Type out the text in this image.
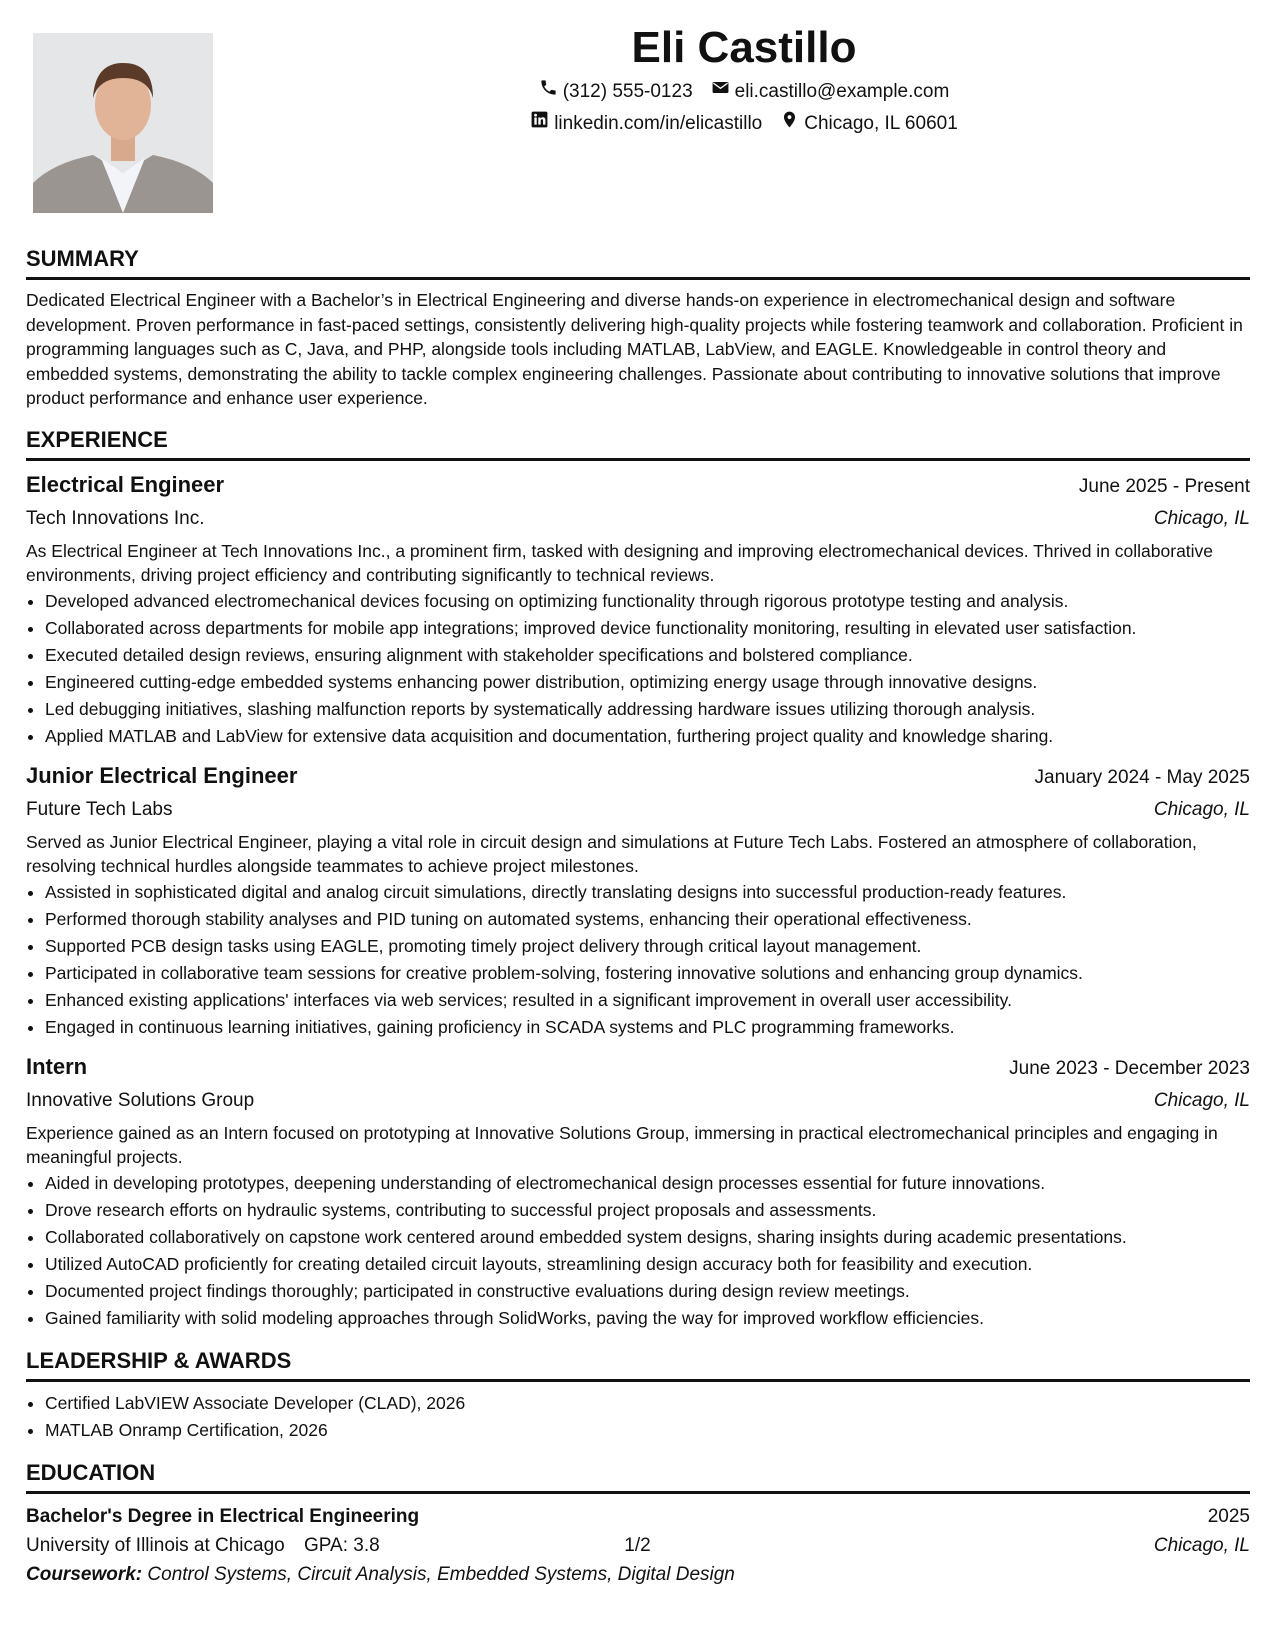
Eli Castillo
(312) 555-0123 eli.castillo@example.com
linkedin.com/in/elicastillo Chicago, IL 60601
SUMMARY

Dedicated Electrical Engineer with a Bachelor’s in Electrical Engineering and diverse hands-on experience in electromechanical design and software development. Proven performance in fast-paced settings, consistently delivering high-quality projects while fostering teamwork and collaboration. Proficient in programming languages such as C, Java, and PHP, alongside tools including MATLAB, LabView, and EAGLE. Knowledgeable in control theory and embedded systems, demonstrating the ability to tackle complex engineering challenges. Passionate about contributing to innovative solutions that improve product performance and enhance user experience.

EXPERIENCE
Electrical Engineer	June 2025 - Present
Tech Innovations Inc.	Chicago, IL

As Electrical Engineer at Tech Innovations Inc., a prominent firm, tasked with designing and improving electromechanical devices. Thrived in collaborative environments, driving project efficiency and contributing significantly to technical reviews.

• Developed advanced electromechanical devices focusing on optimizing functionality through rigorous prototype testing and analysis.
• Collaborated across departments for mobile app integrations; improved device functionality monitoring, resulting in elevated user satisfaction.
• Executed detailed design reviews, ensuring alignment with stakeholder specifications and bolstered compliance.
• Engineered cutting-edge embedded systems enhancing power distribution, optimizing energy usage through innovative designs.
• Led debugging initiatives, slashing malfunction reports by systematically addressing hardware issues utilizing thorough analysis.
• Applied MATLAB and LabView for extensive data acquisition and documentation, furthering project quality and knowledge sharing.
Junior Electrical Engineer	January 2024 - May 2025
Future Tech Labs	Chicago, IL

Served as Junior Electrical Engineer, playing a vital role in circuit design and simulations at Future Tech Labs. Fostered an atmosphere of collaboration, resolving technical hurdles alongside teammates to achieve project milestones.

• Assisted in sophisticated digital and analog circuit simulations, directly translating designs into successful production-ready features.
• Performed thorough stability analyses and PID tuning on automated systems, enhancing their operational effectiveness.
• Supported PCB design tasks using EAGLE, promoting timely project delivery through critical layout management.
• Participated in collaborative team sessions for creative problem-solving, fostering innovative solutions and enhancing group dynamics.
• Enhanced existing applications' interfaces via web services; resulted in a significant improvement in overall user accessibility.
• Engaged in continuous learning initiatives, gaining proficiency in SCADA systems and PLC programming frameworks.
Intern	June 2023 - December 2023
Innovative Solutions Group	Chicago, IL

Experience gained as an Intern focused on prototyping at Innovative Solutions Group, immersing in practical electromechanical principles and engaging in meaningful projects.

• Aided in developing prototypes, deepening understanding of electromechanical design processes essential for future innovations.
• Drove research efforts on hydraulic systems, contributing to successful project proposals and assessments.
• Collaborated collaboratively on capstone work centered around embedded system designs, sharing insights during academic presentations.
• Utilized AutoCAD proficiently for creating detailed circuit layouts, streamlining design accuracy both for feasibility and execution.
• Documented project findings thoroughly; participated in constructive evaluations during design review meetings.
• Gained familiarity with solid modeling approaches through SolidWorks, paving the way for improved workflow efficiencies.
LEADERSHIP & AWARDS
• Certified LabVIEW Associate Developer (CLAD), 2026
• MATLAB Onramp Certification, 2026
EDUCATION
Bachelor's Degree in Electrical Engineering	2025
University of Illinois at Chicago GPA: 3.8	Chicago, IL
Coursework: Control Systems, Circuit Analysis, Embedded Systems, Digital Design
1/2
